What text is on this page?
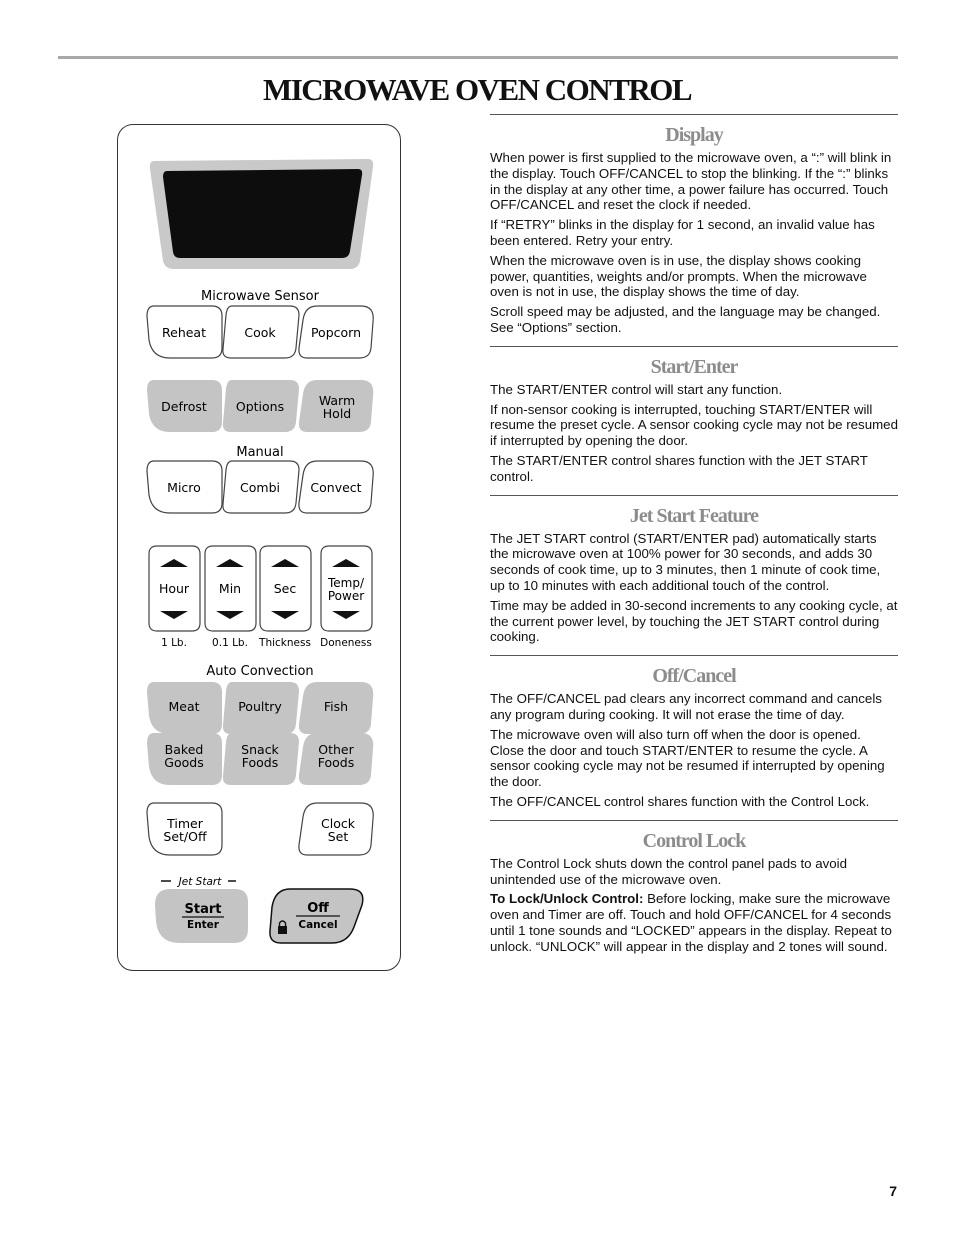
MICROWAVE OVEN CONTROL
Microwave Sensor
Reheat	Cook	Popcorn
Defrost Options	Warm
Hold
Manual
Micro	Combi Convect
Hour Min	Sec	Temp/
Power
1 Lb. 0.1 Lb. Thickness Doneness
Auto Convection
Meat	Poultry	Fish
Baked
Goods
Snack
Foods
Other
Foods
Timer
Set/Off
Clock
Set
Jet Start
Start
Enter
Off
Cancel
Display

When power is first supplied to the microwave oven, a “:” will blink in the display. Touch OFF/CANCEL to stop the blinking. If the “:” blinks in the display at any other time, a power failure has occurred. Touch OFF/CANCEL and reset the clock if needed.

If “RETRY” blinks in the display for 1 second, an invalid value has been entered. Retry your entry.

When the microwave oven is in use, the display shows cooking power, quantities, weights and/or prompts. When the microwave oven is not in use, the display shows the time of day.

Scroll speed may be adjusted, and the language may be changed. See “Options” section.

Start/Enter

The START/ENTER control will start any function.

If non-sensor cooking is interrupted, touching START/ENTER will resume the preset cycle. A sensor cooking cycle may not be resumed if interrupted by opening the door.

The START/ENTER control shares function with the JET START control.

Jet Start Feature

The JET START control (START/ENTER pad) automatically starts the microwave oven at 100% power for 30 seconds, and adds 30 seconds of cook time, up to 3 minutes, then 1 minute of cook time, up to 10 minutes with each additional touch of the control.

Time may be added in 30-second increments to any cooking cycle, at the current power level, by touching the JET START control during cooking.

Off/Cancel

The OFF/CANCEL pad clears any incorrect command and cancels any program during cooking. It will not erase the time of day.

The microwave oven will also turn off when the door is opened. Close the door and touch START/ENTER to resume the cycle. A sensor cooking cycle may not be resumed if interrupted by opening the door.

The OFF/CANCEL control shares function with the Control Lock.

Control Lock

The Control Lock shuts down the control panel pads to avoid unintended use of the microwave oven.

To Lock/Unlock Control: Before locking, make sure the microwave oven and Timer are off. Touch and hold OFF/CANCEL for 4 seconds until 1 tone sounds and “LOCKED” appears in the display. Repeat to unlock. “UNLOCK” will appear in the display and 2 tones will sound.

7
